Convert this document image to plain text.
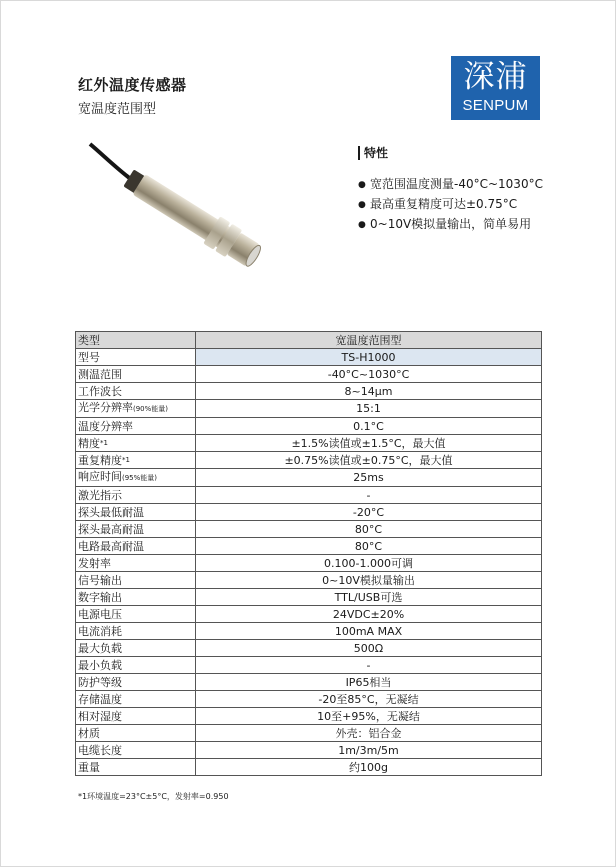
红外温度传感器
宽温度范围型
深浦
SENPUM
特性
● 宽范围温度测量-40°C~1030°C
● 最高重复精度可达±0.75°C
● 0~10V模拟量输出，简单易用
类型	宽温度范围型
型号	TS-H1000
测温范围	-40°C~1030°C
工作波长	8~14μm
光学分辨率(90%能量)	15:1
温度分辨率	0.1°C
精度$^{*1}$	±1.5%读值或±1.5°C，最大值
重复精度$^{*1}$	±0.75%读值或±0.75°C，最大值
响应时间(95%能量)	25ms
激光指示	-
探头最低耐温	-20°C
探头最高耐温	80°C
电路最高耐温	80°C
发射率	0.100-1.000可调
信号输出	0~10V模拟量输出
数字输出	TTL/USB可选
电源电压	24VDC±20%
电流消耗	100mA MAX
最大负载	500Ω
最小负载	-
防护等级	IP65相当
存储温度	-20至85°C，无凝结
相对湿度	10至+95%，无凝结
材质	外壳：铝合金
电缆长度	1m/3m/5m
重量	约100g
*1环境温度=23°C±5°C，发射率=0.950
